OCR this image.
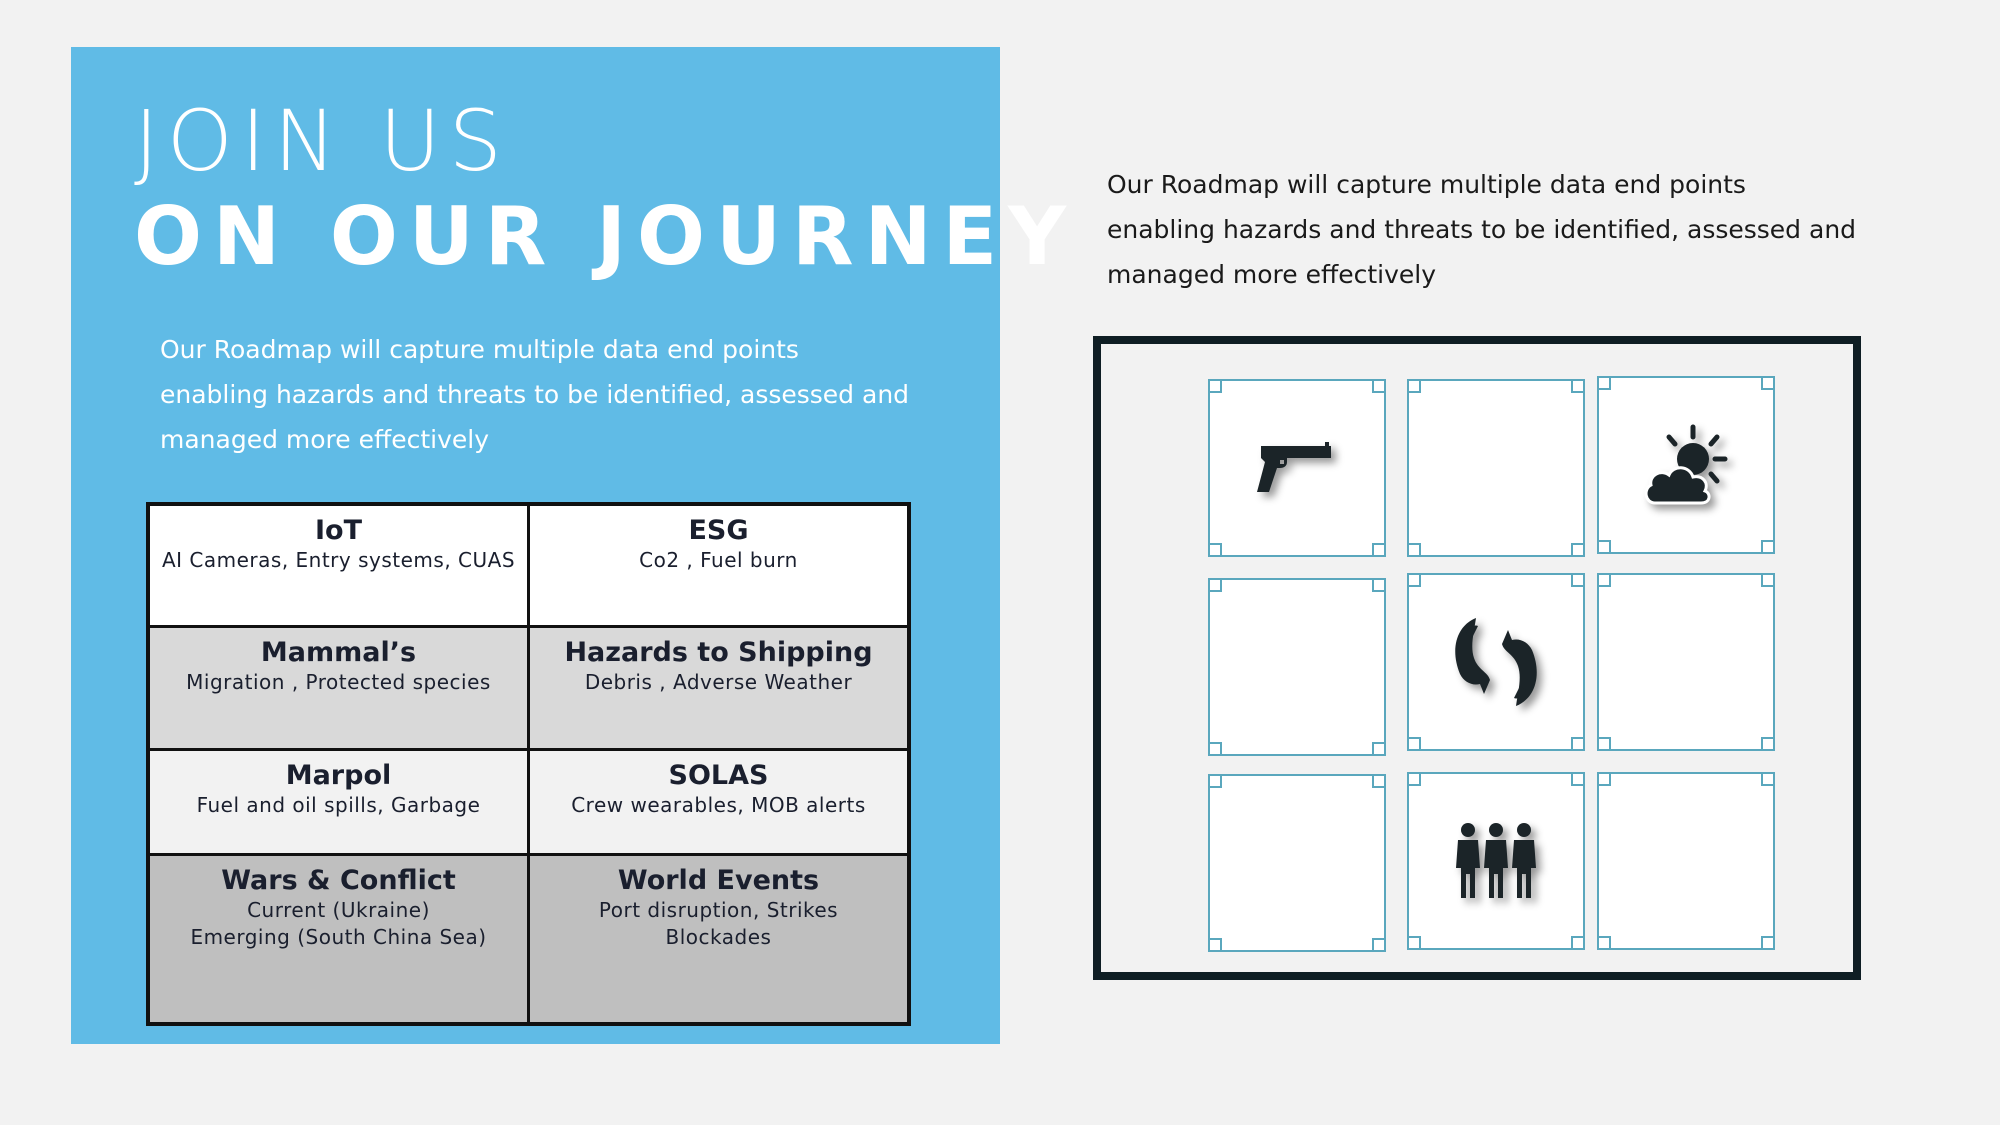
JOIN US
ON OUR JOURNEY
Our Roadmap will capture multiple data end points
enabling hazards and threats to be identified, assessed and
managed more effectively
IoT
AI Cameras, Entry systems, CUAS
ESG
Co2 , Fuel burn
Mammal’s
Migration , Protected species
Hazards to Shipping
Debris , Adverse Weather
Marpol
Fuel and oil spills, Garbage
SOLAS
Crew wearables, MOB alerts
Wars & Conflict
Current (Ukraine)
Emerging (South China Sea)
World Events
Port disruption, Strikes
Blockades
Our Roadmap will capture multiple data end points
enabling hazards and threats to be identified, assessed and
managed more effectively
